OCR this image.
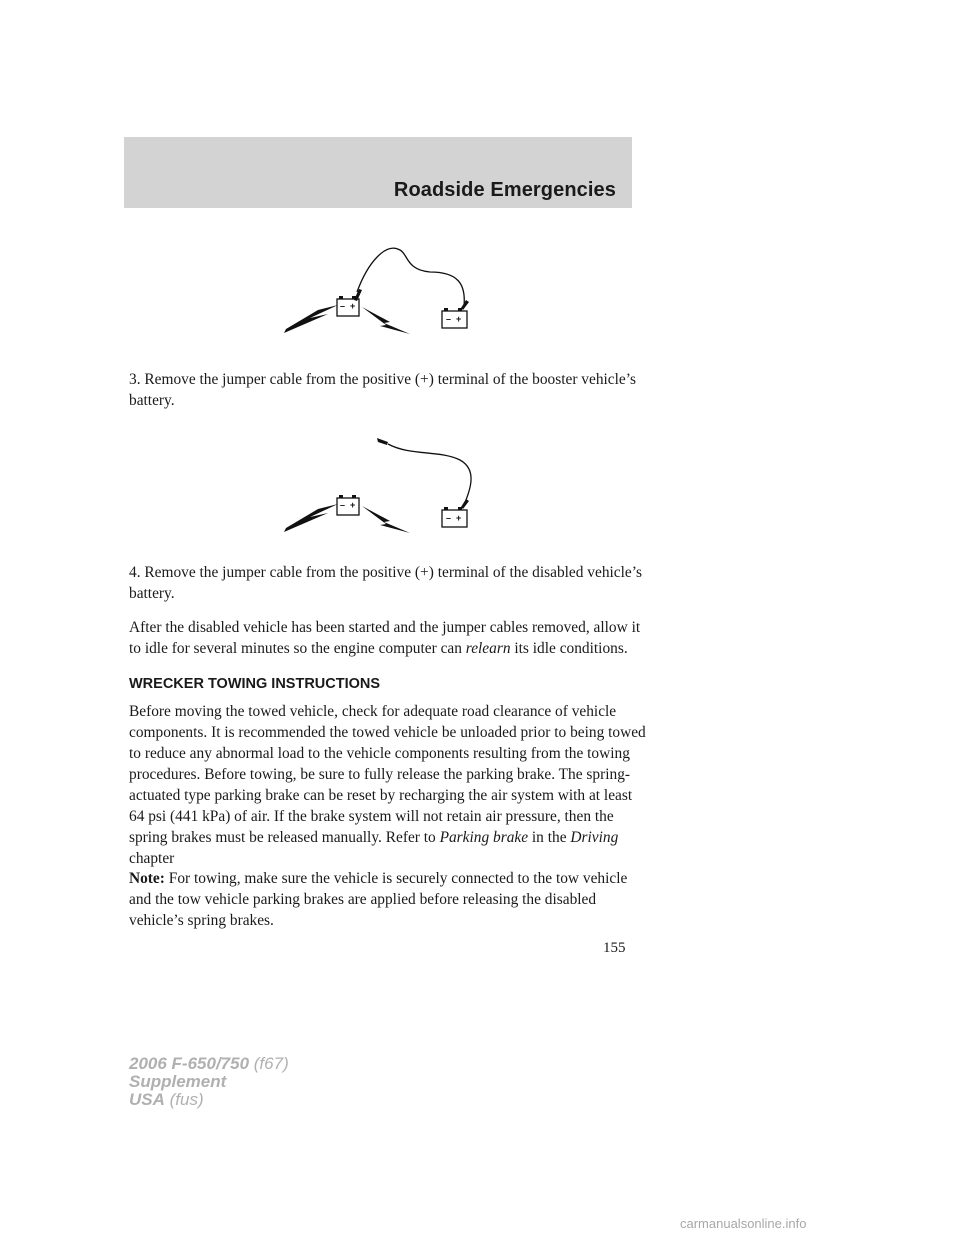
Roadside Emergencies
– +
– +

3. Remove the jumper cable from the positive (+) terminal of the booster vehicle’s battery.

– +
– +

4. Remove the jumper cable from the positive (+) terminal of the disabled vehicle’s battery.

After the disabled vehicle has been started and the jumper cables removed, allow it to idle for several minutes so the engine computer can relearn its idle conditions.

WRECKER TOWING INSTRUCTIONS

Before moving the towed vehicle, check for adequate road clearance of vehicle components. It is recommended the towed vehicle be unloaded prior to being towed to reduce any abnormal load to the vehicle components resulting from the towing procedures. Before towing, be sure to fully release the parking brake. The spring-actuated type parking brake can be reset by recharging the air system with at least 64 psi (441 kPa) of air. If the brake system will not retain air pressure, then the spring brakes must be released manually. Refer to Parking brake in the Driving chapter

Note: For towing, make sure the vehicle is securely connected to the tow vehicle and the tow vehicle parking brakes are applied before releasing the disabled vehicle’s spring brakes.

155
2006 F-650/750 (f67)
Supplement
USA (fus)
carmanualsonline.info
